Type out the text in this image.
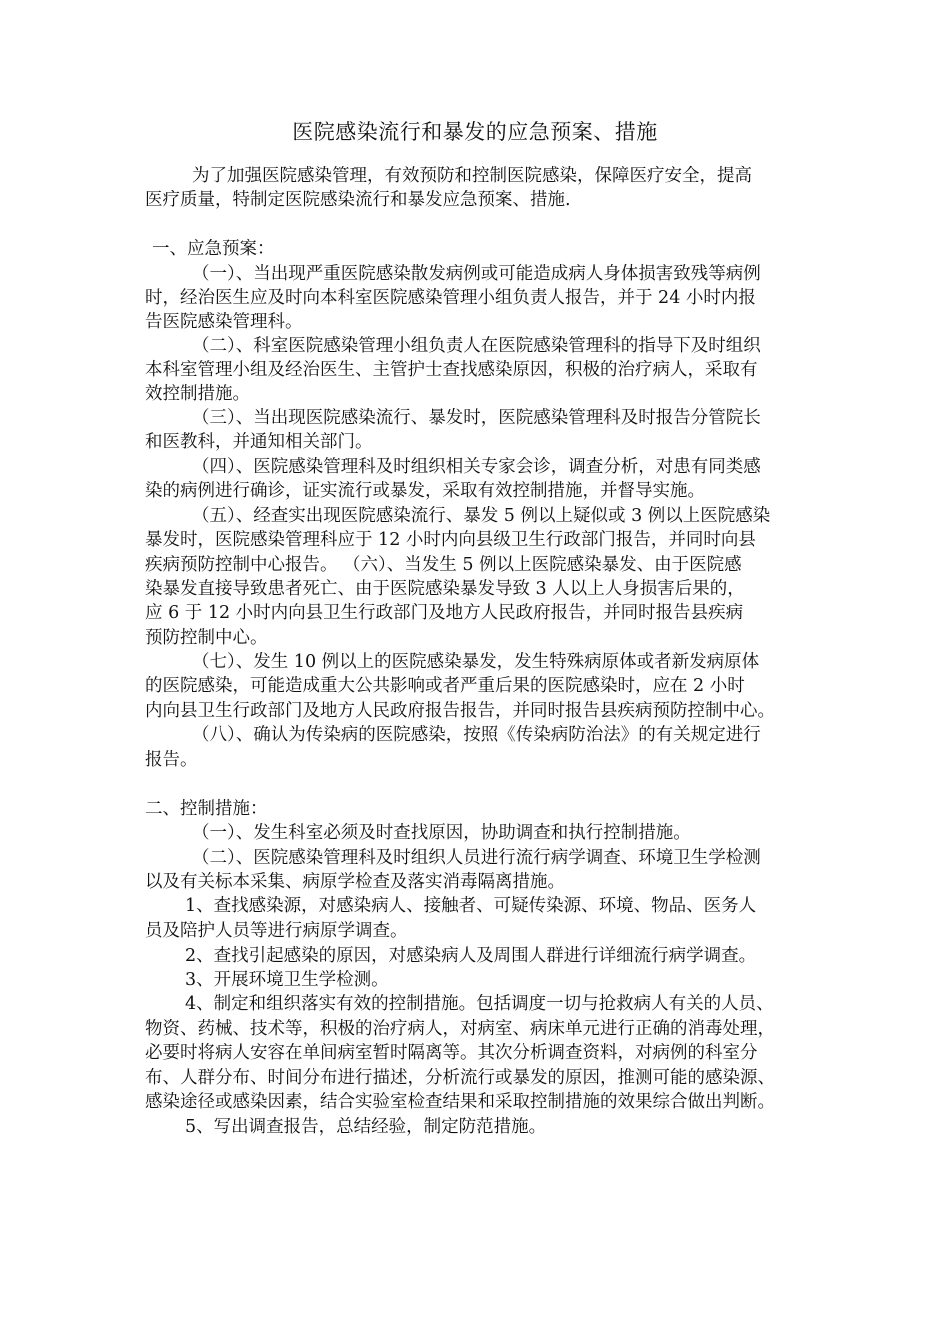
医院感染流行和暴发的应急预案、措施
为了加强医院感染管理，有效预防和控制医院感染，保障医疗安全，提高
医疗质量，特制定医院感染流行和暴发应急预案、措施.
一、应急预案：
（一）、当出现严重医院感染散发病例或可能造成病人身体损害致残等病例
时，经治医生应及时向本科室医院感染管理小组负责人报告，并于 24 小时内报
告医院感染管理科。
（二）、科室医院感染管理小组负责人在医院感染管理科的指导下及时组织
本科室管理小组及经治医生、主管护士查找感染原因，积极的治疗病人，采取有
效控制措施。
（三）、当出现医院感染流行、暴发时，医院感染管理科及时报告分管院长
和医教科，并通知相关部门。
（四）、医院感染管理科及时组织相关专家会诊，调查分析，对患有同类感
染的病例进行确诊，证实流行或暴发，采取有效控制措施，并督导实施。
（五）、经查实出现医院感染流行、暴发 5 例以上疑似或 3 例以上医院感染
暴发时，医院感染管理科应于 12 小时内向县级卫生行政部门报告，并同时向县
疾病预防控制中心报告。 （六）、当发生 5 例以上医院感染暴发、由于医院感
染暴发直接导致患者死亡、由于医院感染暴发导致 3 人以上人身损害后果的，
应 6 于 12 小时内向县卫生行政部门及地方人民政府报告，并同时报告县疾病
预防控制中心。
（七）、发生 10 例以上的医院感染暴发，发生特殊病原体或者新发病原体
的医院感染，可能造成重大公共影响或者严重后果的医院感染时，应在 2 小时
内向县卫生行政部门及地方人民政府报告报告，并同时报告县疾病预防控制中心。
（八）、确认为传染病的医院感染，按照《传染病防治法》的有关规定进行
报告。
二、控制措施：
（一）、发生科室必须及时查找原因，协助调查和执行控制措施。
（二）、医院感染管理科及时组织人员进行流行病学调查、环境卫生学检测
以及有关标本采集、病原学检查及落实消毒隔离措施。
1、查找感染源，对感染病人、接触者、可疑传染源、环境、物品、医务人
员及陪护人员等进行病原学调查。
2、查找引起感染的原因，对感染病人及周围人群进行详细流行病学调查。
3、开展环境卫生学检测。
4、制定和组织落实有效的控制措施。包括调度一切与抢救病人有关的人员、
物资、药械、技术等，积极的治疗病人，对病室、病床单元进行正确的消毒处理，
必要时将病人安容在单间病室暂时隔离等。其次分析调查资料，对病例的科室分
布、人群分布、时间分布进行描述，分析流行或暴发的原因，推测可能的感染源、
感染途径或感染因素，结合实验室检查结果和采取控制措施的效果综合做出判断。
5、写出调查报告，总结经验，制定防范措施。
